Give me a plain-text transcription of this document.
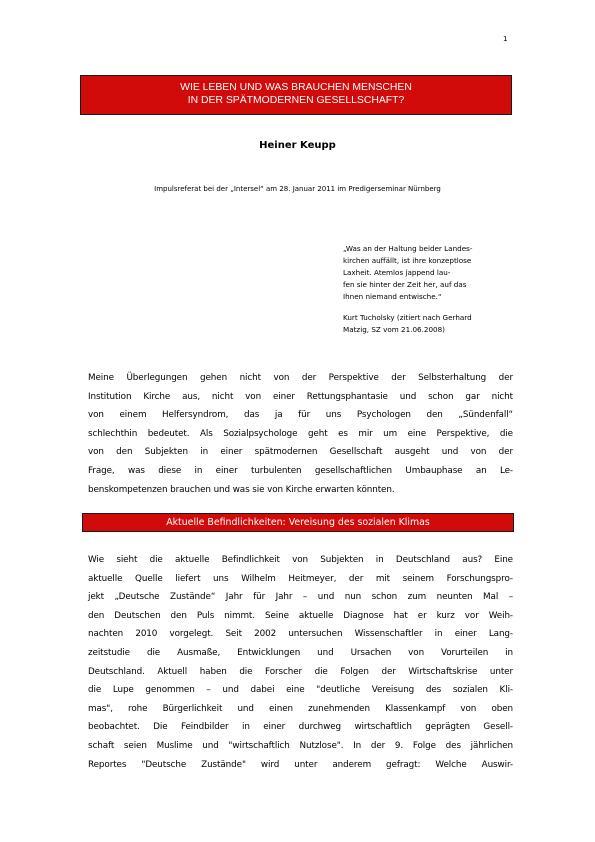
1
WIE LEBEN UND WAS BRAUCHEN MENSCHEN
IN DER SPÄTMODERNEN GESELLSCHAFT?
Heiner Keupp
Impulsreferat bei der „Intersel“ am 28. Januar 2011 im Predigerseminar Nürnberg
„Was an der Haltung beider Landes-
kirchen auffällt, ist ihre konzeptlose
Laxheit. Atemlos jappend lau-
fen sie hinter der Zeit her, auf das
Ihnen niemand entwische.“
Kurt Tucholsky (zitiert nach Gerhard
Matzig, SZ vom 21.06.2008)
Meine Überlegungen gehen nicht von der Perspektive der Selbsterhaltung der
Institution Kirche aus, nicht von einer Rettungsphantasie und schon gar nicht
von einem Helfersyndrom, das ja für uns Psychologen den „Sündenfall“
schlechthin bedeutet. Als Sozialpsychologe geht es mir um eine Perspektive, die
von den Subjekten in einer spätmodernen Gesellschaft ausgeht und von der
Frage, was diese in einer turbulenten gesellschaftlichen Umbauphase an Le-
benskompetenzen brauchen und was sie von Kirche erwarten könnten.
Aktuelle Befindlichkeiten: Vereisung des sozialen Klimas
Wie sieht die aktuelle Befindlichkeit von Subjekten in Deutschland aus? Eine
aktuelle Quelle liefert uns Wilhelm Heitmeyer, der mit seinem Forschungspro-
jekt „Deutsche Zustände“ Jahr für Jahr – und nun schon zum neunten Mal –
den Deutschen den Puls nimmt. Seine aktuelle Diagnose hat er kurz vor Weih-
nachten 2010 vorgelegt. Seit 2002 untersuchen Wissenschaftler in einer Lang-
zeitstudie die Ausmaße, Entwicklungen und Ursachen von Vorurteilen in
Deutschland. Aktuell haben die Forscher die Folgen der Wirtschaftskrise unter
die Lupe genommen – und dabei eine "deutliche Vereisung des sozialen Kli-
mas", rohe Bürgerlichkeit und einen zunehmenden Klassenkampf von oben
beobachtet. Die Feindbilder in einer durchweg wirtschaftlich geprägten Gesell-
schaft seien Muslime und "wirtschaftlich Nutzlose". In der 9. Folge des jährlichen
Reportes "Deutsche Zustände" wird unter anderem gefragt: Welche Auswir-
